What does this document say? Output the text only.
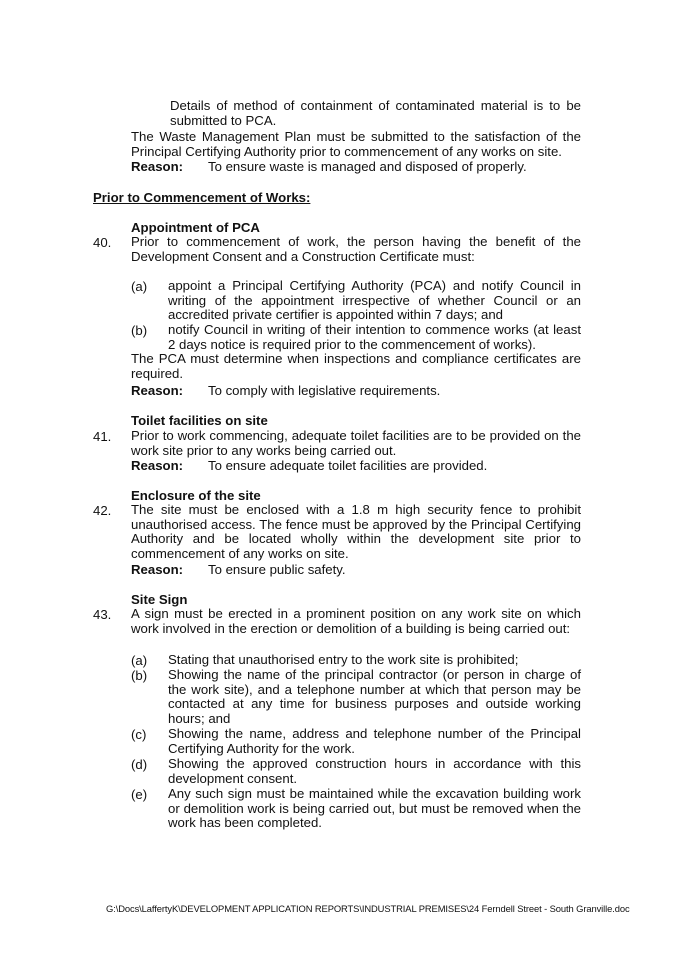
Details of method of containment of contaminated material is to be submitted to PCA.
The Waste Management Plan must be submitted to the satisfaction of the Principal Certifying Authority prior to commencement of any works on site.
Reason: To ensure waste is managed and disposed of properly.
Prior to Commencement of Works:
Appointment of PCA
40. Prior to commencement of work, the person having the benefit of the Development Consent and a Construction Certificate must:
(a) appoint a Principal Certifying Authority (PCA) and notify Council in writing of the appointment irrespective of whether Council or an accredited private certifier is appointed within 7 days; and
(b) notify Council in writing of their intention to commence works (at least 2 days notice is required prior to the commencement of works).
The PCA must determine when inspections and compliance certificates are required.
Reason: To comply with legislative requirements.
Toilet facilities on site
41. Prior to work commencing, adequate toilet facilities are to be provided on the work site prior to any works being carried out.
Reason: To ensure adequate toilet facilities are provided.
Enclosure of the site
42. The site must be enclosed with a 1.8 m high security fence to prohibit unauthorised access. The fence must be approved by the Principal Certifying Authority and be located wholly within the development site prior to commencement of any works on site.
Reason: To ensure public safety.
Site Sign
43. A sign must be erected in a prominent position on any work site on which work involved in the erection or demolition of a building is being carried out:
(a) Stating that unauthorised entry to the work site is prohibited;
(b) Showing the name of the principal contractor (or person in charge of the work site), and a telephone number at which that person may be contacted at any time for business purposes and outside working hours; and
(c) Showing the name, address and telephone number of the Principal Certifying Authority for the work.
(d) Showing the approved construction hours in accordance with this development consent.
(e) Any such sign must be maintained while the excavation building work or demolition work is being carried out, but must be removed when the work has been completed.
G:\Docs\LaffertyK\DEVELOPMENT APPLICATION REPORTS\INDUSTRIAL PREMISES\24 Ferndell Street - South Granville.doc
